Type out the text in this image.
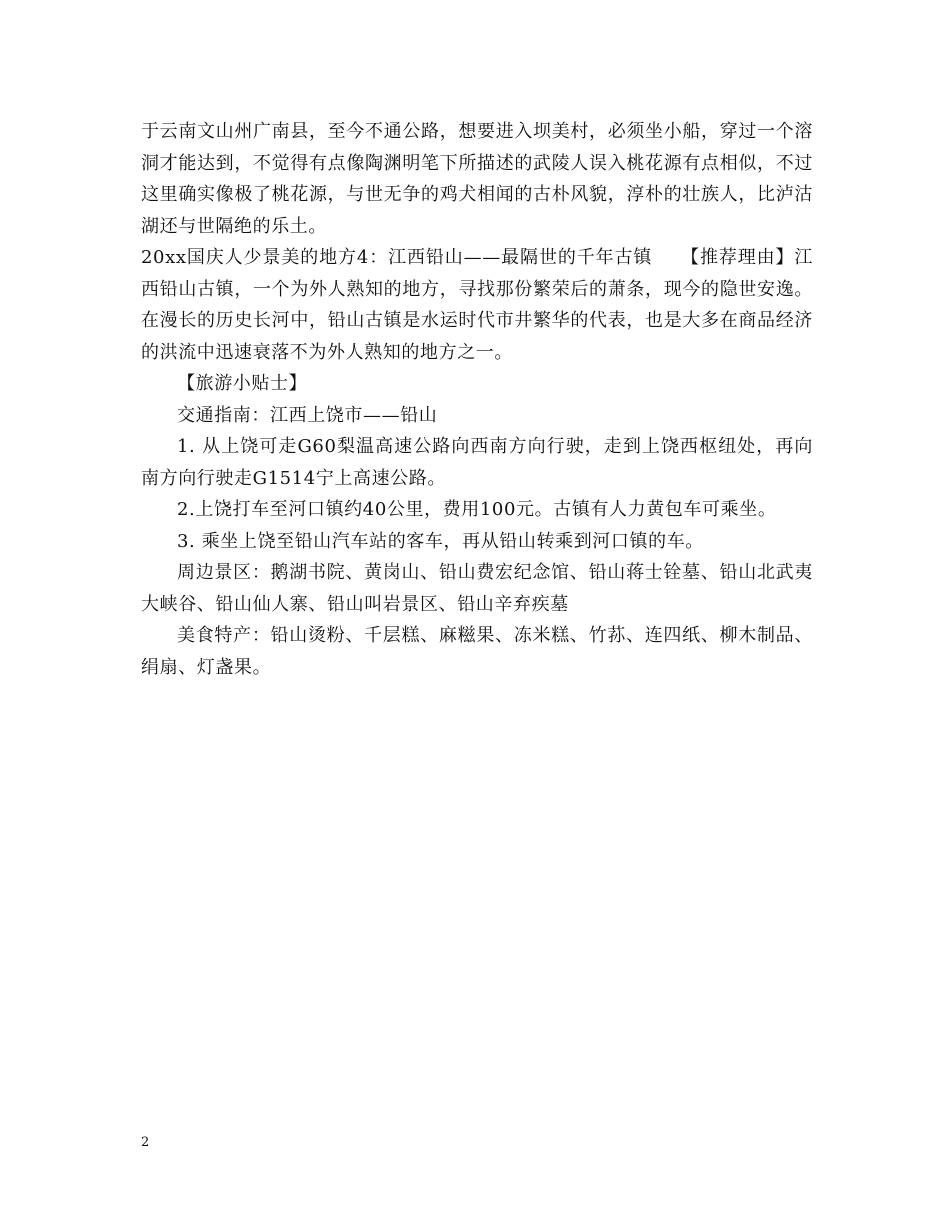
于云南文山州广南县，至今不通公路，想要进入坝美村，必须坐小船，穿过一个溶洞才能达到，不觉得有点像陶渊明笔下所描述的武陵人误入桃花源有点相似，不过这里确实像极了桃花源，与世无争的鸡犬相闻的古朴风貌，淳朴的壮族人，比泸沽湖还与世隔绝的乐土。

20xx国庆人少景美的地方4：江西铅山——最隔世的千年古镇　　【推荐理由】江西铅山古镇，一个为外人熟知的地方，寻找那份繁荣后的萧条，现今的隐世安逸。在漫长的历史长河中，铅山古镇是水运时代市井繁华的代表，也是大多在商品经济的洪流中迅速衰落不为外人熟知的地方之一。

【旅游小贴士】

交通指南：江西上饶市——铅山

1. 从上饶可走G60梨温高速公路向西南方向行驶，走到上饶西枢纽处，再向南方向行驶走G1514宁上高速公路。

2.上饶打车至河口镇约40公里，费用100元。古镇有人力黄包车可乘坐。

3. 乘坐上饶至铅山汽车站的客车，再从铅山转乘到河口镇的车。

周边景区：鹅湖书院、黄岗山、铅山费宏纪念馆、铅山蒋士铨墓、铅山北武夷大峡谷、铅山仙人寨、铅山叫岩景区、铅山辛弃疾墓

美食特产：铅山烫粉、千层糕、麻糍果、冻米糕、竹荪、连四纸、柳木制品、绢扇、灯盏果。

2
